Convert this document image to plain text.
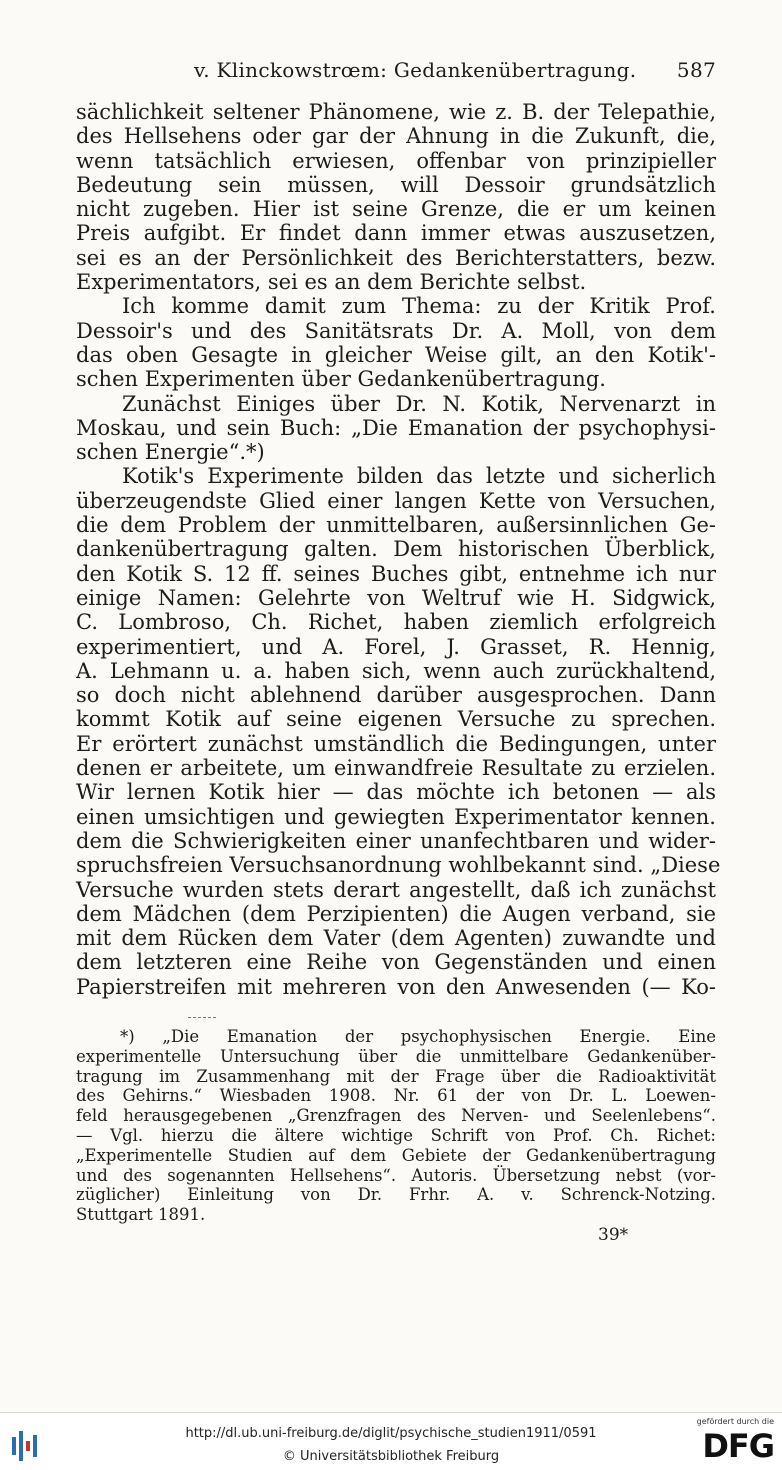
v. Klinckowstrœm: Gedankenübertragung. 587
sächlichkeit seltener Phänomene, wie z. B. der Telepathie,
des Hellsehens oder gar der Ahnung in die Zukunft, die,
wenn tatsächlich erwiesen, offenbar von prinzipieller
Bedeutung sein müssen, will Dessoir grundsätzlich
nicht zugeben. Hier ist seine Grenze, die er um keinen
Preis aufgibt. Er findet dann immer etwas auszusetzen,
sei es an der Persönlichkeit des Berichterstatters, bezw.
Experimentators, sei es an dem Berichte selbst.
Ich komme damit zum Thema: zu der Kritik Prof.
Dessoir's und des Sanitätsrats Dr. A. Moll, von dem
das oben Gesagte in gleicher Weise gilt, an den Kotik'-
schen Experimenten über Gedankenübertragung.
Zunächst Einiges über Dr. N. Kotik, Nervenarzt in
Moskau, und sein Buch: „Die Emanation der psychophysi-
schen Energie“.*)
Kotik's Experimente bilden das letzte und sicherlich
überzeugendste Glied einer langen Kette von Versuchen,
die dem Problem der unmittelbaren, außersinnlichen Ge-
dankenübertragung galten. Dem historischen Überblick,
den Kotik S. 12 ff. seines Buches gibt, entnehme ich nur
einige Namen: Gelehrte von Weltruf wie H. Sidgwick,
C. Lombroso, Ch. Richet, haben ziemlich erfolgreich
experimentiert, und A. Forel, J. Grasset, R. Hennig,
A. Lehmann u. a. haben sich, wenn auch zurückhaltend,
so doch nicht ablehnend darüber ausgesprochen. Dann
kommt Kotik auf seine eigenen Versuche zu sprechen.
Er erörtert zunächst umständlich die Bedingungen, unter
denen er arbeitete, um einwandfreie Resultate zu erzielen.
Wir lernen Kotik hier — das möchte ich betonen — als
einen umsichtigen und gewiegten Experimentator kennen.
dem die Schwierigkeiten einer unanfechtbaren und wider-
spruchsfreien Versuchsanordnung wohlbekannt sind. „Diese
Versuche wurden stets derart angestellt, daß ich zunächst
dem Mädchen (dem Perzipienten) die Augen verband, sie
mit dem Rücken dem Vater (dem Agenten) zuwandte und
dem letzteren eine Reihe von Gegenständen und einen
Papierstreifen mit mehreren von den Anwesenden (— Ko-
*) „Die Emanation der psychophysischen Energie. Eine
experimentelle Untersuchung über die unmittelbare Gedankenüber-
tragung im Zusammenhang mit der Frage über die Radioaktivität
des Gehirns.“ Wiesbaden 1908. Nr. 61 der von Dr. L. Loewen-
feld herausgegebenen „Grenzfragen des Nerven- und Seelenlebens“.
— Vgl. hierzu die ältere wichtige Schrift von Prof. Ch. Richet:
„Experimentelle Studien auf dem Gebiete der Gedankenübertragung
und des sogenannten Hellsehens“. Autoris. Übersetzung nebst (vor-
züglicher) Einleitung von Dr. Frhr. A. v. Schrenck-Notzing.
Stuttgart 1891.
39*
http://dl.ub.uni-freiburg.de/diglit/psychische_studien1911/0591
© Universitätsbibliothek Freiburg
gefördert durch die
DFG
